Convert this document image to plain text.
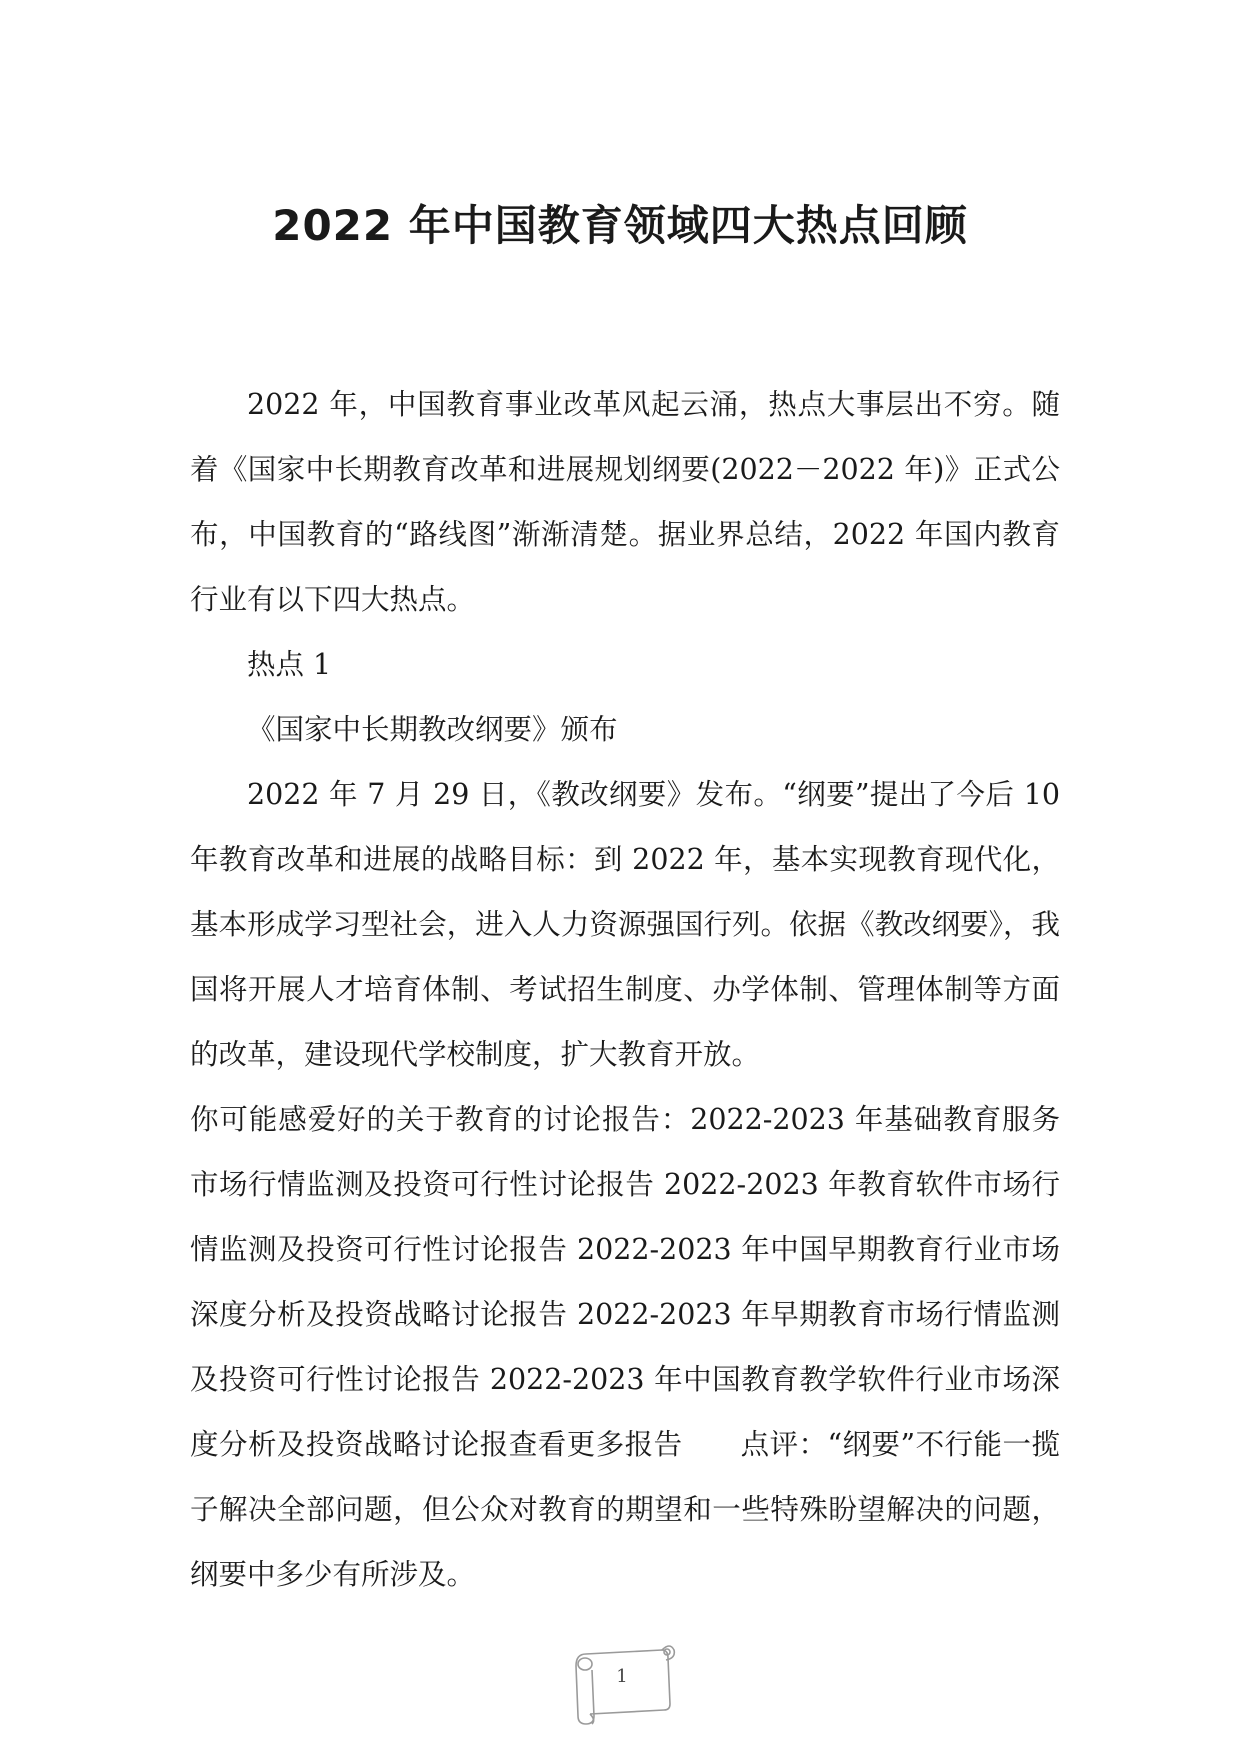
2022 年中国教育领域四大热点回顾

2022 年，中国教育事业改革风起云涌，热点大事层出不穷。随着《国家中长期教育改革和进展规划纲要(2022－2022 年)》正式公布，中国教育的“路线图”渐渐清楚。据业界总结，2022 年国内教育行业有以下四大热点。

热点 1

《国家中长期教改纲要》颁布

2022 年 7 月 29 日，《教改纲要》发布。“纲要”提出了今后 10 年教育改革和进展的战略目标：到 2022 年，基本实现教育现代化，基本形成学习型社会，进入人力资源强国行列。依据《教改纲要》，我国将开展人才培育体制、考试招生制度、办学体制、管理体制等方面的改革，建设现代学校制度，扩大教育开放。

你可能感爱好的关于教育的讨论报告：2022-2023 年基础教育服务市场行情监测及投资可行性讨论报告 2022-2023 年教育软件市场行情监测及投资可行性讨论报告 2022-2023 年中国早期教育行业市场深度分析及投资战略讨论报告 2022-2023 年早期教育市场行情监测及投资可行性讨论报告 2022-2023 年中国教育教学软件行业市场深度分析及投资战略讨论报查看更多报告　　点评：“纲要”不行能一揽子解决全部问题，但公众对教育的期望和一些特殊盼望解决的问题，纲要中多少有所涉及。

1
